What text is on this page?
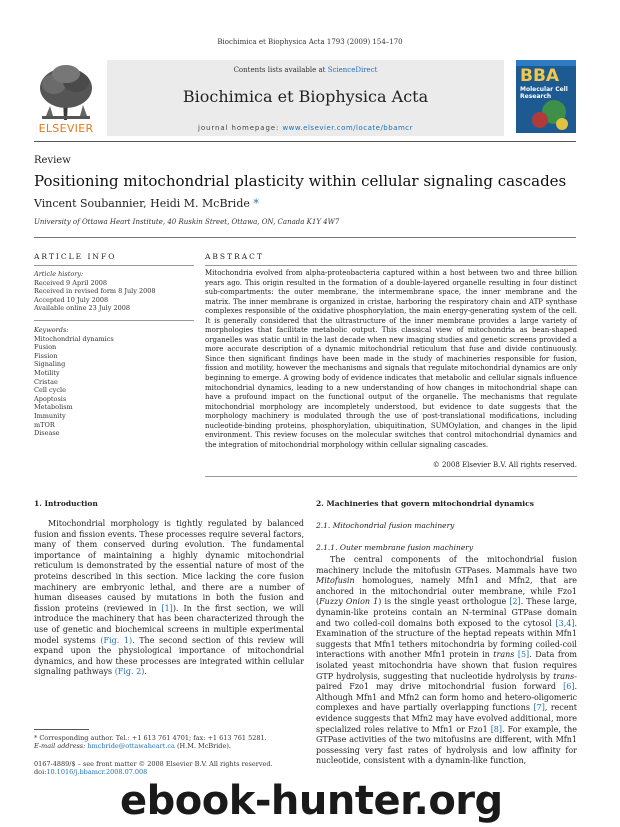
Biochimica et Biophysica Acta 1793 (2009) 154–170
ELSEVIER
Contents lists available at ScienceDirect
Biochimica et Biophysica Acta
journal homepage: www.elsevier.com/locate/bbamcr
BBA
Molecular Cell Research
Review
Positioning mitochondrial plasticity within cellular signaling cascades
Vincent Soubannier, Heidi M. McBride *
University of Ottawa Heart Institute, 40 Ruskin Street, Ottawa, ON, Canada K1Y 4W7
ARTICLE INFO
Article history:
Received 9 April 2008
Received in revised form 8 July 2008
Accepted 10 July 2008
Available online 23 July 2008
Keywords:
Mitochondrial dynamics
Fusion
Fission
Signaling
Motility
Cristae
Cell cycle
Apoptosis
Metabolism
Immunity
mTOR
Disease
ABSTRACT
Mitochondria evolved from alpha-proteobacteria captured within a host between two and three billion years ago. This origin resulted in the formation of a double-layered organelle resulting in four distinct sub-compartments: the outer membrane, the intermembrane space, the inner membrane and the matrix. The inner membrane is organized in cristae, harboring the respiratory chain and ATP synthase complexes responsible of the oxidative phosphorylation, the main energy-generating system of the cell. It is generally considered that the ultrastructure of the inner membrane provides a large variety of morphologies that facilitate metabolic output. This classical view of mitochondria as bean-shaped organelles was static until in the last decade when new imaging studies and genetic screens provided a more accurate description of a dynamic mitochondrial reticulum that fuse and divide continuously. Since then significant findings have been made in the study of machineries responsible for fusion, fission and motility, however the mechanisms and signals that regulate mitochondrial dynamics are only beginning to emerge. A growing body of evidence indicates that metabolic and cellular signals influence mitochondrial dynamics, leading to a new understanding of how changes in mitochondrial shape can have a profound impact on the functional output of the organelle. The mechanisms that regulate mitochondrial morphology are incompletely understood, but evidence to date suggests that the morphology machinery is modulated through the use of post-translational modifications, including nucleotide-binding proteins, phosphorylation, ubiquitination, SUMOylation, and changes in the lipid environment. This review focuses on the molecular switches that control mitochondrial dynamics and the integration of mitochondrial morphology within cellular signaling cascades.
© 2008 Elsevier B.V. All rights reserved.
1. Introduction

Mitochondrial morphology is tightly regulated by balanced fusion and fission events. These processes require several factors, many of them conserved during evolution. The fundamental importance of maintaining a highly dynamic mitochondrial reticulum is demonstrated by the essential nature of most of the proteins described in this section. Mice lacking the core fusion machinery are embryonic lethal, and there are a number of human diseases caused by mutations in both the fusion and fission proteins (reviewed in [1]). In the first section, we will introduce the machinery that has been characterized through the use of genetic and biochemical screens in multiple experimental model systems (Fig. 1). The second section of this review will expand upon the physiological importance of mitochondrial dynamics, and how these processes are integrated within cellular signaling pathways (Fig. 2).

2. Machineries that govern mitochondrial dynamics
2.1. Mitochondrial fusion machinery
2.1.1. Outer membrane fusion machinery

The central components of the mitochondrial fusion machinery include the mitofusin GTPases. Mammals have two Mitofusin homologues, namely Mfn1 and Mfn2, that are anchored in the mitochondrial outer membrane, while Fzo1 (Fuzzy Onion 1) is the single yeast orthologue [2]. These large, dynamin-like proteins contain an N-terminal GTPase domain and two coiled-coil domains both exposed to the cytosol [3,4]. Examination of the structure of the heptad repeats within Mfn1 suggests that Mfn1 tethers mitochondria by forming coiled-coil interactions with another Mfn1 protein in trans [5]. Data from isolated yeast mitochondria have shown that fusion requires GTP hydrolysis, suggesting that nucleotide hydrolysis by trans-paired Fzo1 may drive mitochondrial fusion forward [6]. Although Mfn1 and Mfn2 can form homo and hetero-oligomeric complexes and have partially overlapping functions [7], recent evidence suggests that Mfn2 may have evolved additional, more specialized roles relative to Mfn1 or Fzo1 [8]. For example, the GTPase activities of the two mitofusins are different, with Mfn1 possessing very fast rates of hydrolysis and low affinity for nucleotide, consistent with a dynamin-like function,

* Corresponding author. Tel.: +1 613 761 4701; fax: +1 613 761 5281.
E-mail address: hmcbride@ottawaheart.ca (H.M. McBride).
0167-4889/$ – see front matter © 2008 Elsevier B.V. All rights reserved.
doi:10.1016/j.bbamcr.2008.07.008
ebook-hunter.org
